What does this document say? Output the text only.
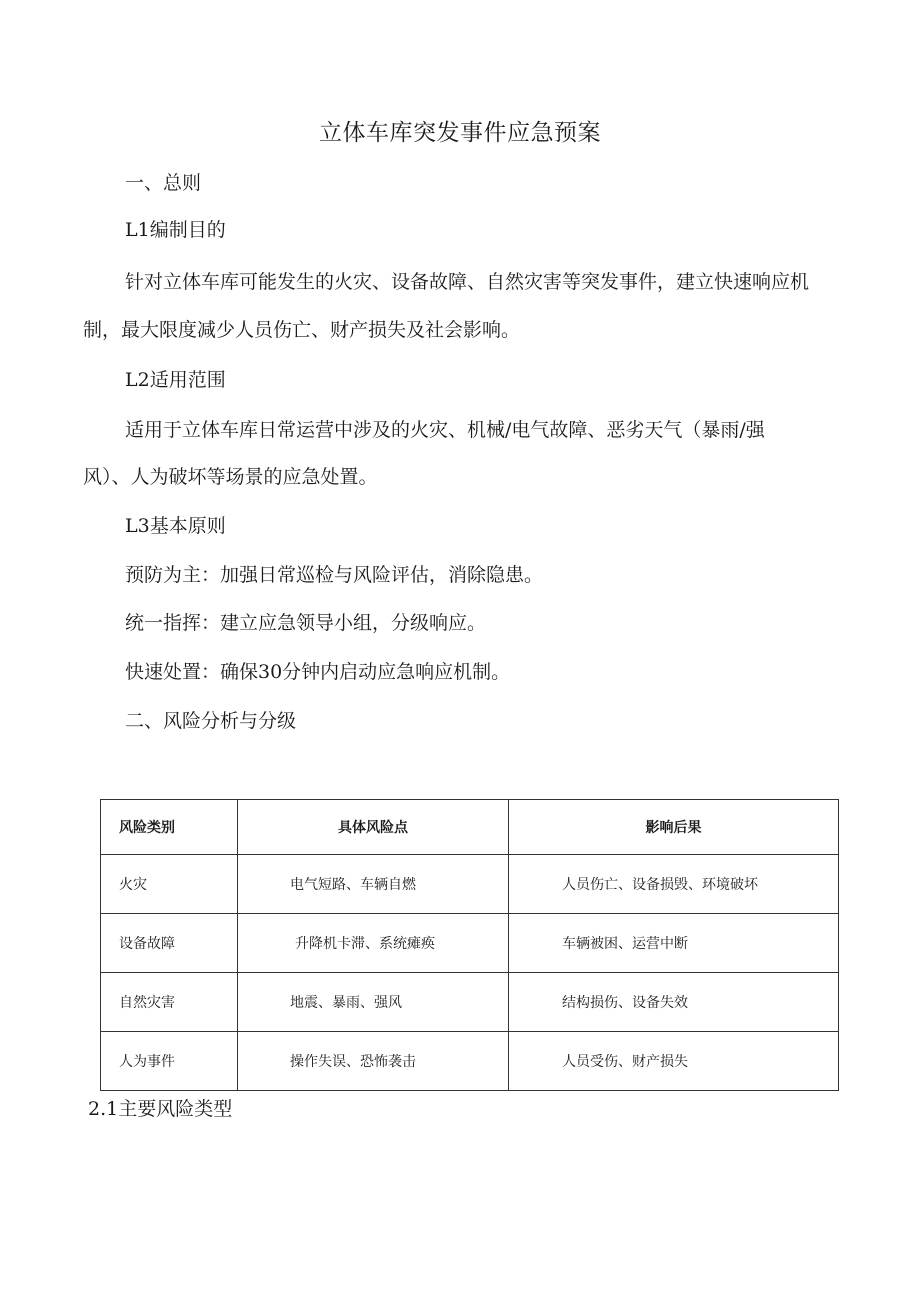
立体车库突发事件应急预案
一、总则
L1编制目的
针对立体车库可能发生的火灾、设备故障、自然灾害等突发事件，建立快速响应机
制，最大限度减少人员伤亡、财产损失及社会影响。
L2适用范围
适用于立体车库日常运营中涉及的火灾、机械/电气故障、恶劣天气（暴雨/强
风）、人为破坏等场景的应急处置。
L3基本原则
预防为主：加强日常巡检与风险评估，消除隐患。
统一指挥：建立应急领导小组，分级响应。
快速处置：确保30分钟内启动应急响应机制。
二、风险分析与分级
风险类别	具体风险点	影响后果
火灾	电气短路、车辆自燃	人员伤亡、设备损毁、环境破坏
设备故障	升降机卡滞、系统瘫痪	车辆被困、运营中断
自然灾害	地震、暴雨、强风	结构损伤、设备失效
人为事件	操作失误、恐怖袭击	人员受伤、财产损失
2.1主要风险类型
